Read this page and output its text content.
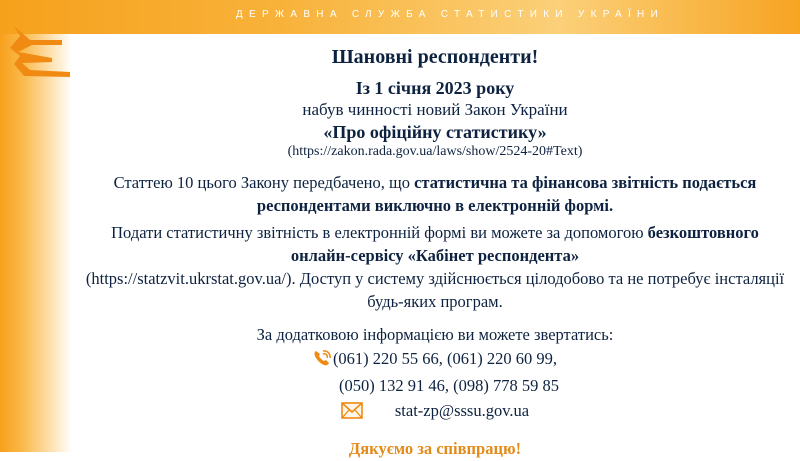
ДЕРЖАВНА СЛУЖБА СТАТИСТИКИ УКРАЇНИ

Шановні респонденти!

Із 1 січня 2023 року

набув чинності новий Закон України

«Про офіційну статистику»

(https://zakon.rada.gov.ua/laws/show/2524-20#Text)

Статтею 10 цього Закону передбачено, що статистична та фінансова звітність подається респондентами виключно в електронній формі.

Подати статистичну звітність в електронній формі ви можете за допомогою безкоштовного онлайн-сервісу «Кабінет респондента»
(https://statzvit.ukrstat.gov.ua/). Доступ у систему здійснюється цілодобово та не потребує інсталяції будь-яких програм.

За додатковою інформацією ви можете звертатись:

(061) 220 55 66, (061) 220 60 99,

(050) 132 91 46, (098) 778 59 85

stat-zp@sssu.gov.ua

Дякуємо за співпрацю!
